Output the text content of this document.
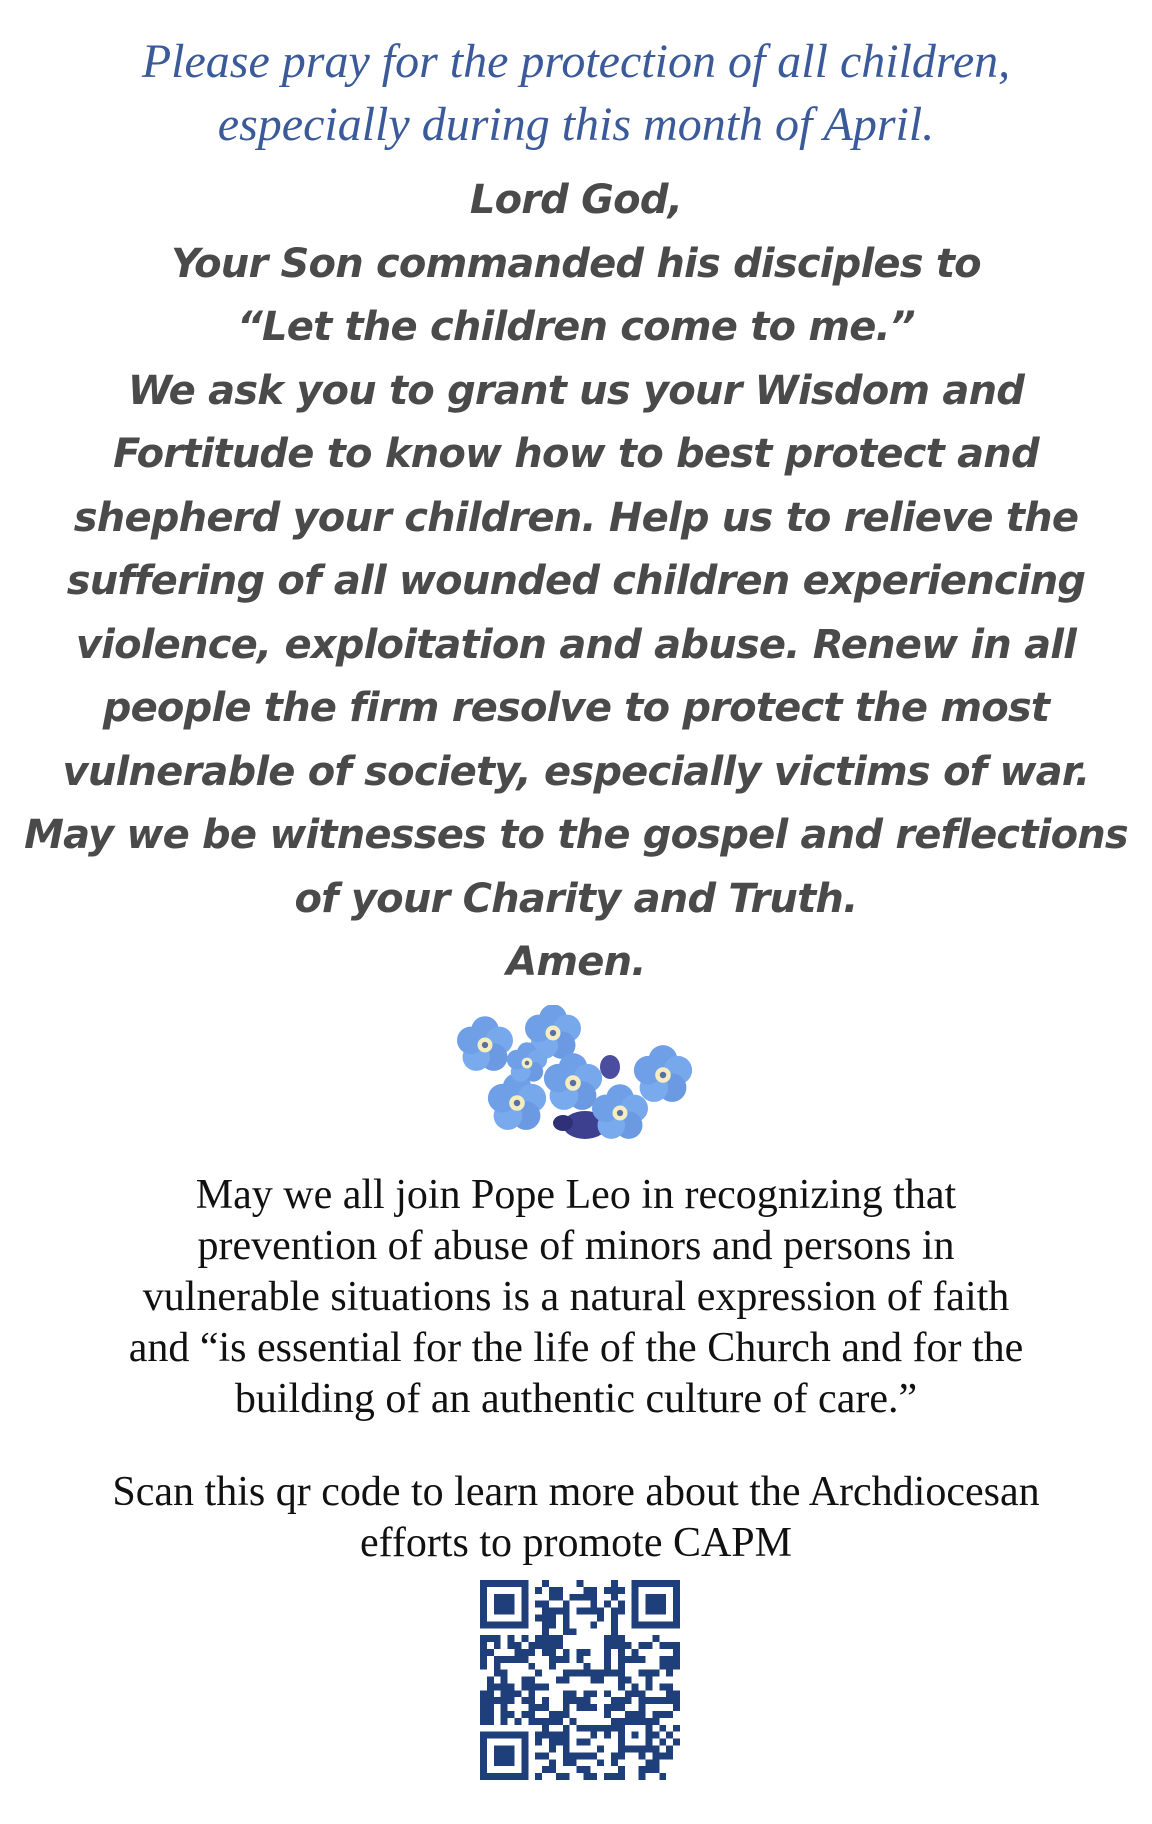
Please pray for the protection of all children,
especially during this month of April.
Lord God,
Your Son commanded his disciples to
“Let the children come to me.”
We ask you to grant us your Wisdom and
Fortitude to know how to best protect and
shepherd your children. Help us to relieve the
suffering of all wounded children experiencing
violence, exploitation and abuse. Renew in all
people the firm resolve to protect the most
vulnerable of society, especially victims of war.
May we be witnesses to the gospel and reflections
of your Charity and Truth.
Amen.
May we all join Pope Leo in recognizing that
prevention of abuse of minors and persons in
vulnerable situations is a natural expression of faith
and “is essential for the life of the Church and for the
building of an authentic culture of care.”
Scan this qr code to learn more about the Archdiocesan
efforts to promote CAPM
